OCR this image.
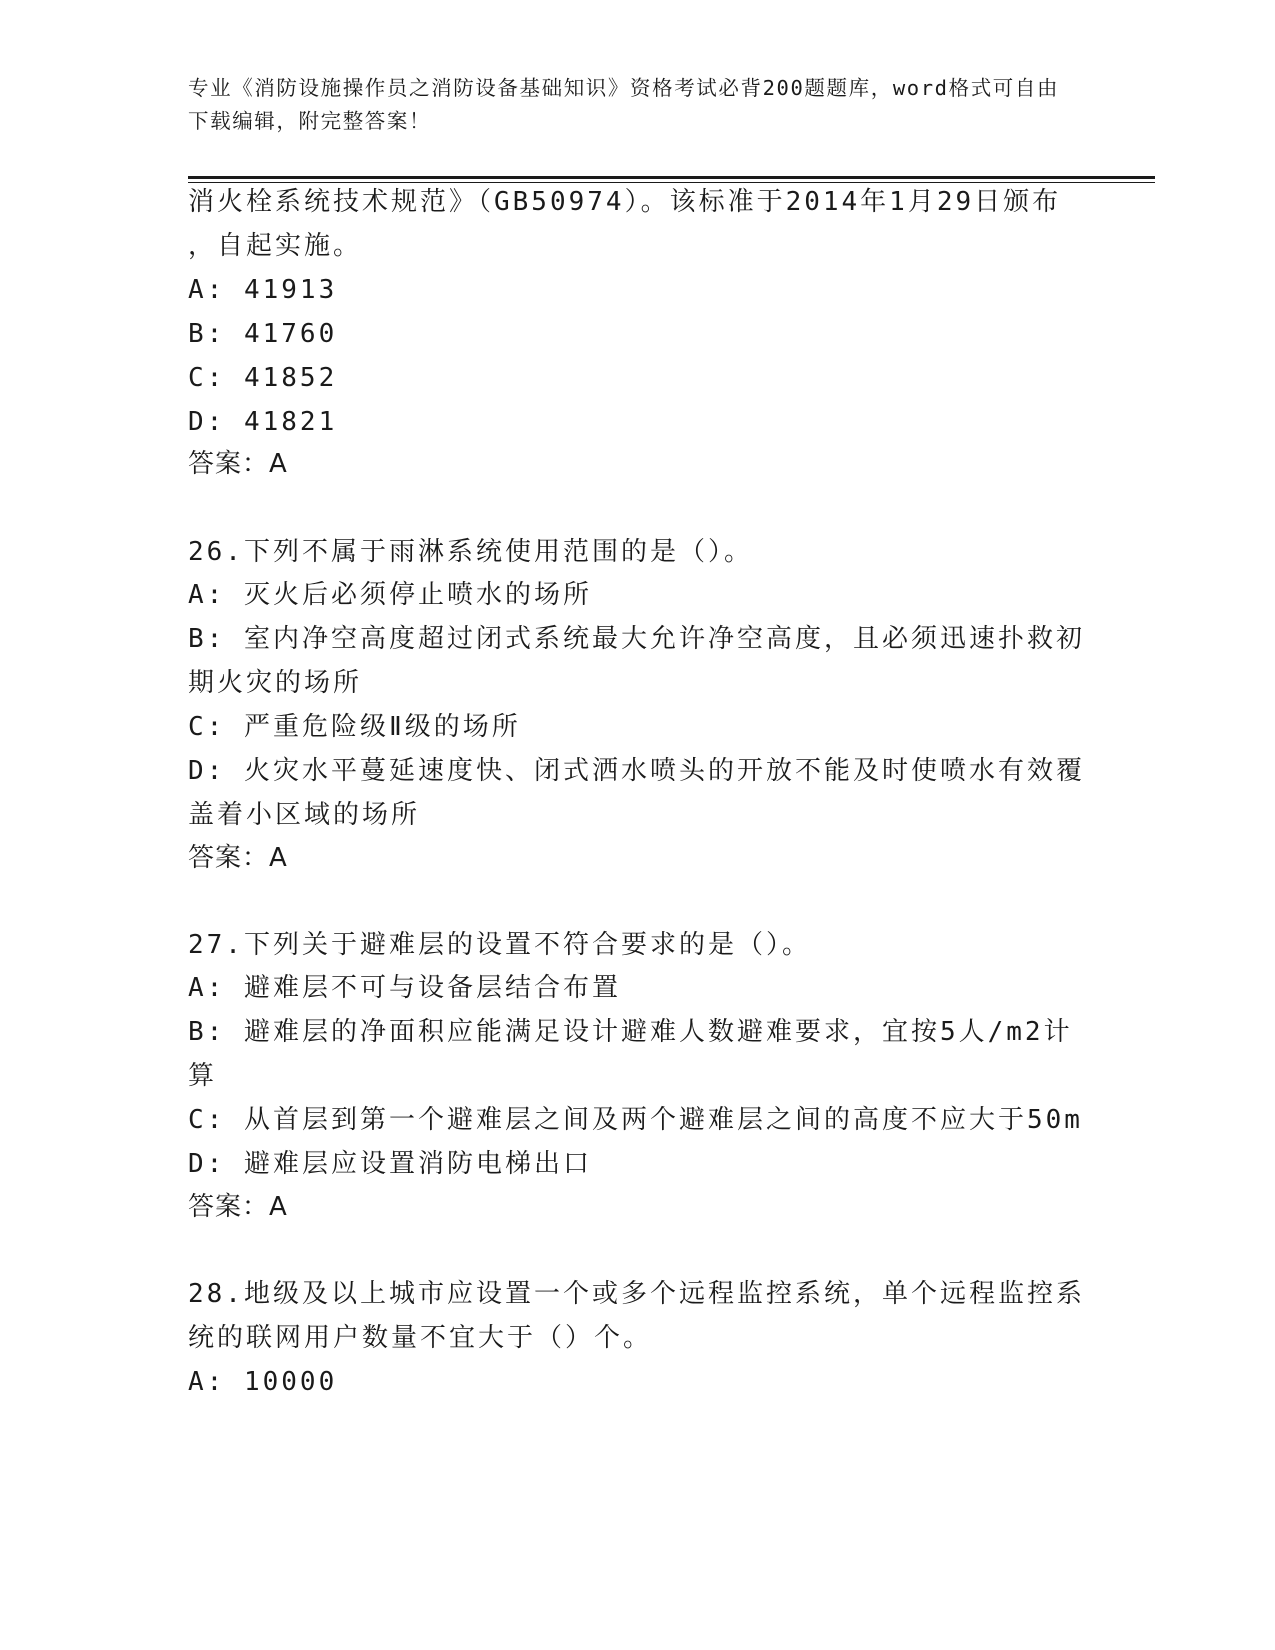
专业《消防设施操作员之消防设备基础知识》资格考试必背200题题库，word格式可自由下载编辑，附完整答案！
消火栓系统技术规范》（GB50974）。该标准于2014年1月29日颁布
，自起实施。
A: 41913
B: 41760
C: 41852
D: 41821
答案：A
26.下列不属于雨淋系统使用范围的是（）。
A: 灭火后必须停止喷水的场所
B: 室内净空高度超过闭式系统最大允许净空高度，且必须迅速扑救初
期火灾的场所
C: 严重危险级Ⅱ级的场所
D: 火灾水平蔓延速度快、闭式洒水喷头的开放不能及时使喷水有效覆
盖着小区域的场所
答案：A
27.下列关于避难层的设置不符合要求的是（）。
A: 避难层不可与设备层结合布置
B: 避难层的净面积应能满足设计避难人数避难要求，宜按5人/m2计
算
C: 从首层到第一个避难层之间及两个避难层之间的高度不应大于50m
D: 避难层应设置消防电梯出口
答案：A
28.地级及以上城市应设置一个或多个远程监控系统，单个远程监控系
统的联网用户数量不宜大于（）个。
A: 10000
